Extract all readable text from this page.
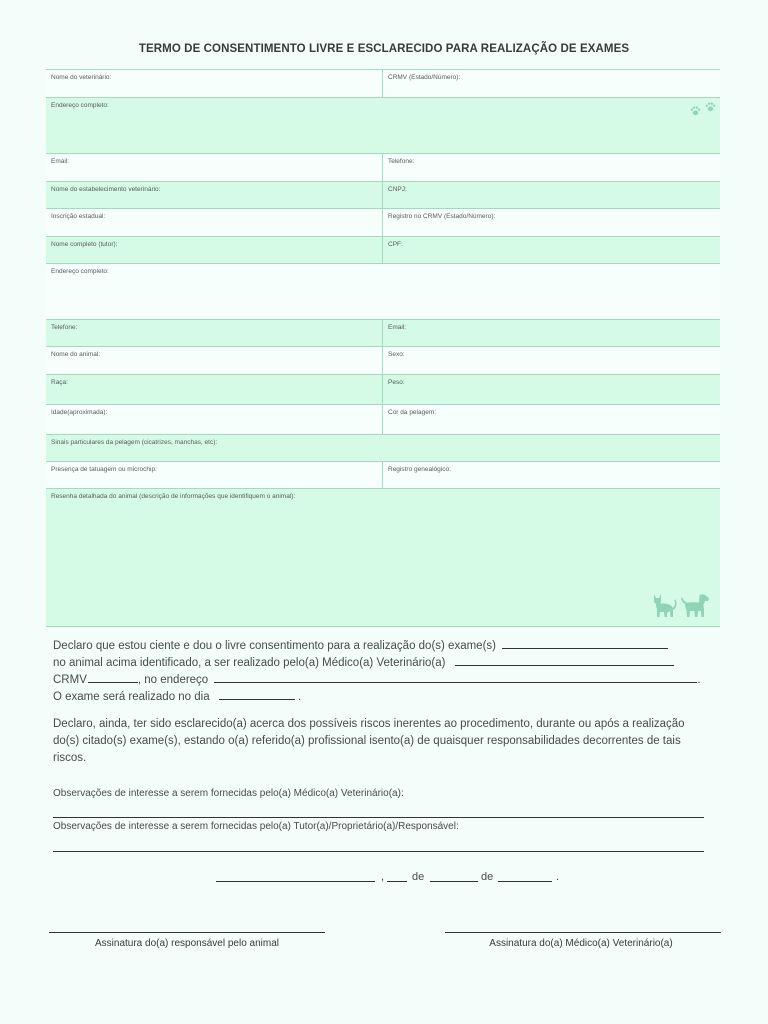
TERMO DE CONSENTIMENTO LIVRE E ESCLARECIDO PARA REALIZAÇÃO DE EXAMES
Nome do veterinário:	CRMV (Estado/Número):
Endereço completo:
Email:	Telefone:
Nome do estabelecimento veterinário:	CNPJ:
Inscrição estadual:	Registro no CRMV (Estado/Número):
Nome completo (tutor):	CPF:
Endereço completo:
Telefone:	Email:
Nome do animal:	Sexo:
Raça:	Peso:
Idade(aproximada):	Cor da pelagem:
Sinais particulares da pelagem (cicatrizes, manchas, etc):
Presença de tatuagem ou microchip:	Registro genealógico:
Resenha detalhada do animal (descrição de informações que identifiquem o animal):
Declaro que estou ciente e dou o livre consentimento para a realização do(s) exame(s)
no animal acima identificado, a ser realizado pelo(a) Médico(a) Veterinário(a)
CRMV	, no endereço	.
O exame será realizado no dia	.
Declaro, ainda, ter sido esclarecido(a) acerca dos possíveis riscos inerentes ao procedimento, durante ou após a realização do(s) citado(s) exame(s), estando o(a) referido(a) profissional isento(a) de quaisquer responsabilidades decorrentes de tais riscos.
Observações de interesse a serem fornecidas pelo(a) Médico(a) Veterinário(a):
Observações de interesse a serem fornecidas pelo(a) Tutor(a)/Proprietário(a)/Responsável:
,	de	de	.
Assinatura do(a) responsável pelo animal	Assinatura do(a) Médico(a) Veterinário(a)
